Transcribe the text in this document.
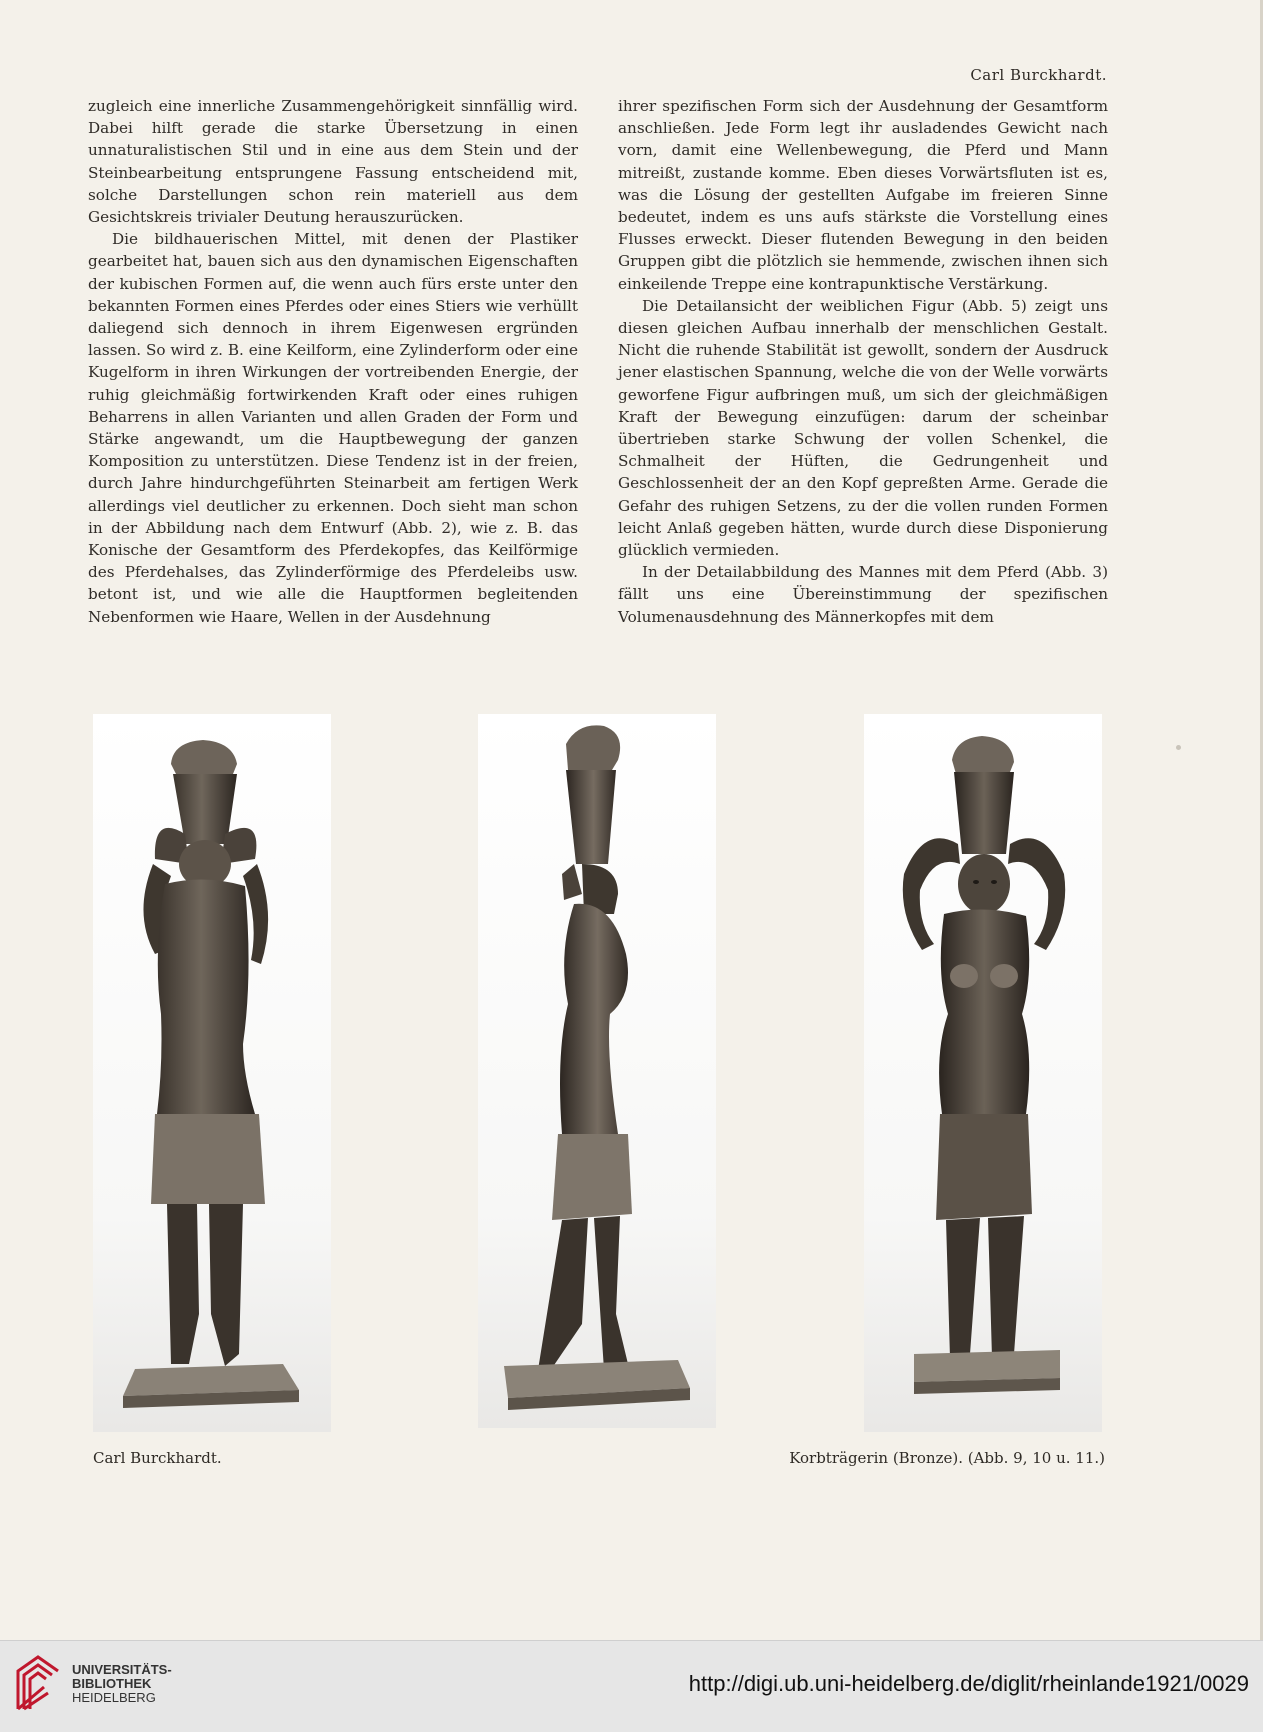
Carl Burckhardt.

zugleich eine innerliche Zusammengehörigkeit sinnfällig wird. Dabei hilft gerade die starke Übersetzung in einen unnaturalistischen Stil und in eine aus dem Stein und der Steinbearbeitung entsprungene Fassung entscheidend mit, solche Darstellungen schon rein materiell aus dem Gesichtskreis trivialer Deutung herauszurücken.

Die bildhauerischen Mittel, mit denen der Plastiker gearbeitet hat, bauen sich aus den dynamischen Eigenschaften der kubischen Formen auf, die wenn auch fürs erste unter den bekannten Formen eines Pferdes oder eines Stiers wie verhüllt daliegend sich dennoch in ihrem Eigenwesen ergründen lassen. So wird z. B. eine Keilform, eine Zylinderform oder eine Kugelform in ihren Wirkungen der vortreibenden Energie, der ruhig gleichmäßig fortwirkenden Kraft oder eines ruhigen Beharrens in allen Varianten und allen Graden der Form und Stärke angewandt, um die Hauptbewegung der ganzen Komposition zu unterstützen. Diese Tendenz ist in der freien, durch Jahre hindurchgeführten Steinarbeit am fertigen Werk allerdings viel deutlicher zu erkennen. Doch sieht man schon in der Abbildung nach dem Entwurf (Abb. 2), wie z. B. das Konische der Gesamtform des Pferdekopfes, das Keilförmige des Pferdehalses, das Zylinderförmige des Pferdeleibs usw. betont ist, und wie alle die Hauptformen begleitenden Nebenformen wie Haare, Wellen in der Ausdehnung

ihrer spezifischen Form sich der Ausdehnung der Gesamtform anschließen. Jede Form legt ihr ausladendes Gewicht nach vorn, damit eine Wellenbewegung, die Pferd und Mann mitreißt, zustande komme. Eben dieses Vorwärtsfluten ist es, was die Lösung der gestellten Aufgabe im freieren Sinne bedeutet, indem es uns aufs stärkste die Vorstellung eines Flusses erweckt. Dieser flutenden Bewegung in den beiden Gruppen gibt die plötzlich sie hemmende, zwischen ihnen sich einkeilende Treppe eine kontrapunktische Verstärkung.

Die Detailansicht der weiblichen Figur (Abb. 5) zeigt uns diesen gleichen Aufbau innerhalb der menschlichen Gestalt. Nicht die ruhende Stabilität ist gewollt, sondern der Ausdruck jener elastischen Spannung, welche die von der Welle vorwärts geworfene Figur aufbringen muß, um sich der gleichmäßigen Kraft der Bewegung einzufügen: darum der scheinbar übertrieben starke Schwung der vollen Schenkel, die Schmalheit der Hüften, die Gedrungenheit und Geschlossenheit der an den Kopf gepreßten Arme. Gerade die Gefahr des ruhigen Setzens, zu der die vollen runden Formen leicht Anlaß gegeben hätten, wurde durch diese Disponierung glücklich vermieden.

In der Detailabbildung des Mannes mit dem Pferd (Abb. 3) fällt uns eine Übereinstimmung der spezifischen Volumenausdehnung des Männerkopfes mit dem

Carl Burckhardt.	Korbträgerin (Bronze). (Abb. 9, 10 u. 11.)
UNIVERSITÄTS-
BIBLIOTHEK
HEIDELBERG
http://digi.ub.uni-heidelberg.de/diglit/rheinlande1921/0029
